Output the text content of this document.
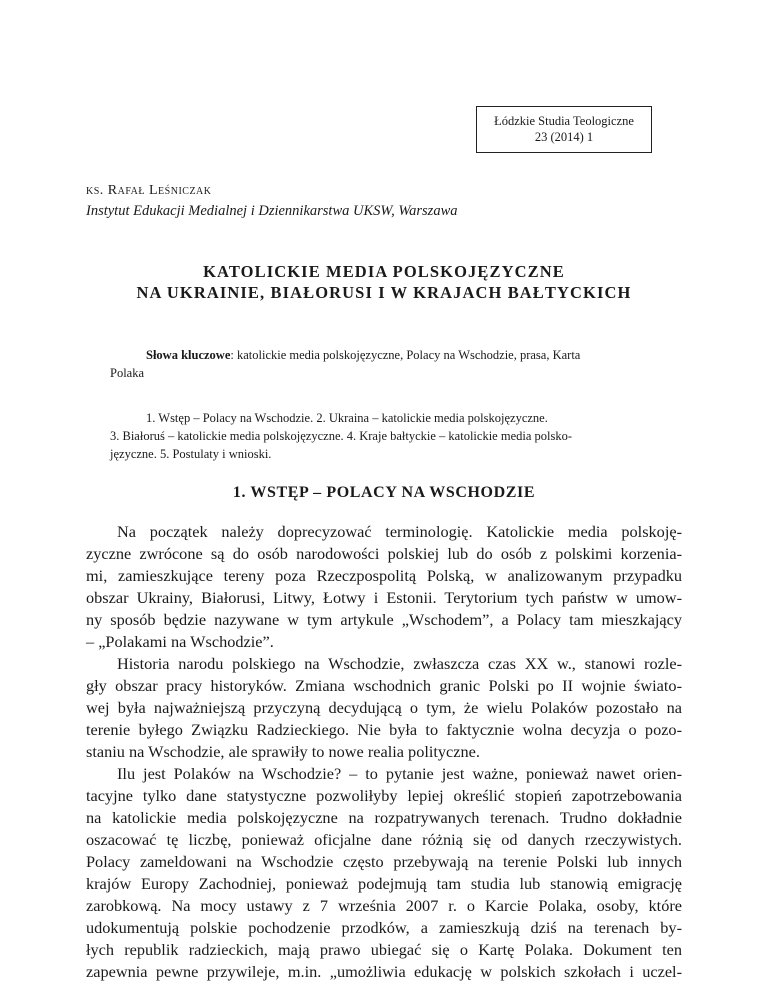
Łódzkie Studia Teologiczne
23 (2014) 1
ks. Rafał Leśniczak
Instytut Edukacji Medialnej i Dziennikarstwa UKSW, Warszawa
KATOLICKIE MEDIA POLSKOJĘZYCZNE
NA UKRAINIE, BIAŁORUSI I W KRAJACH BAŁTYCKICH
Słowa kluczowe: katolickie media polskojęzyczne, Polacy na Wschodzie, prasa, Karta
Polaka
1. Wstęp – Polacy na Wschodzie. 2. Ukraina – katolickie media polskojęzyczne.
3. Białoruś – katolickie media polskojęzyczne. 4. Kraje bałtyckie – katolickie media polsko-
języczne. 5. Postulaty i wnioski.
1. WSTĘP – POLACY NA WSCHODZIE
Na początek należy doprecyzować terminologię. Katolickie media polskoję-
zyczne zwrócone są do osób narodowości polskiej lub do osób z polskimi korzenia-
mi, zamieszkujące tereny poza Rzeczpospolitą Polską, w analizowanym przypadku
obszar Ukrainy, Białorusi, Litwy, Łotwy i Estonii. Terytorium tych państw w umow-
ny sposób będzie nazywane w tym artykule „Wschodem”, a Polacy tam mieszkający
– „Polakami na Wschodzie”.
Historia narodu polskiego na Wschodzie, zwłaszcza czas XX w., stanowi rozle-
gły obszar pracy historyków. Zmiana wschodnich granic Polski po II wojnie świato-
wej była najważniejszą przyczyną decydującą o tym, że wielu Polaków pozostało na
terenie byłego Związku Radzieckiego. Nie była to faktycznie wolna decyzja o pozo-
staniu na Wschodzie, ale sprawiły to nowe realia polityczne.
Ilu jest Polaków na Wschodzie? – to pytanie jest ważne, ponieważ nawet orien-
tacyjne tylko dane statystyczne pozwoliłyby lepiej określić stopień zapotrzebowania
na katolickie media polskojęzyczne na rozpatrywanych terenach. Trudno dokładnie
oszacować tę liczbę, ponieważ oficjalne dane różnią się od danych rzeczywistych.
Polacy zameldowani na Wschodzie często przebywają na terenie Polski lub innych
krajów Europy Zachodniej, ponieważ podejmują tam studia lub stanowią emigrację
zarobkową. Na mocy ustawy z 7 września 2007 r. o Karcie Polaka, osoby, które
udokumentują polskie pochodzenie przodków, a zamieszkują dziś na terenach by-
łych republik radzieckich, mają prawo ubiegać się o Kartę Polaka. Dokument ten
zapewnia pewne przywileje, m.in. „umożliwia edukację w polskich szkołach i uczel-
